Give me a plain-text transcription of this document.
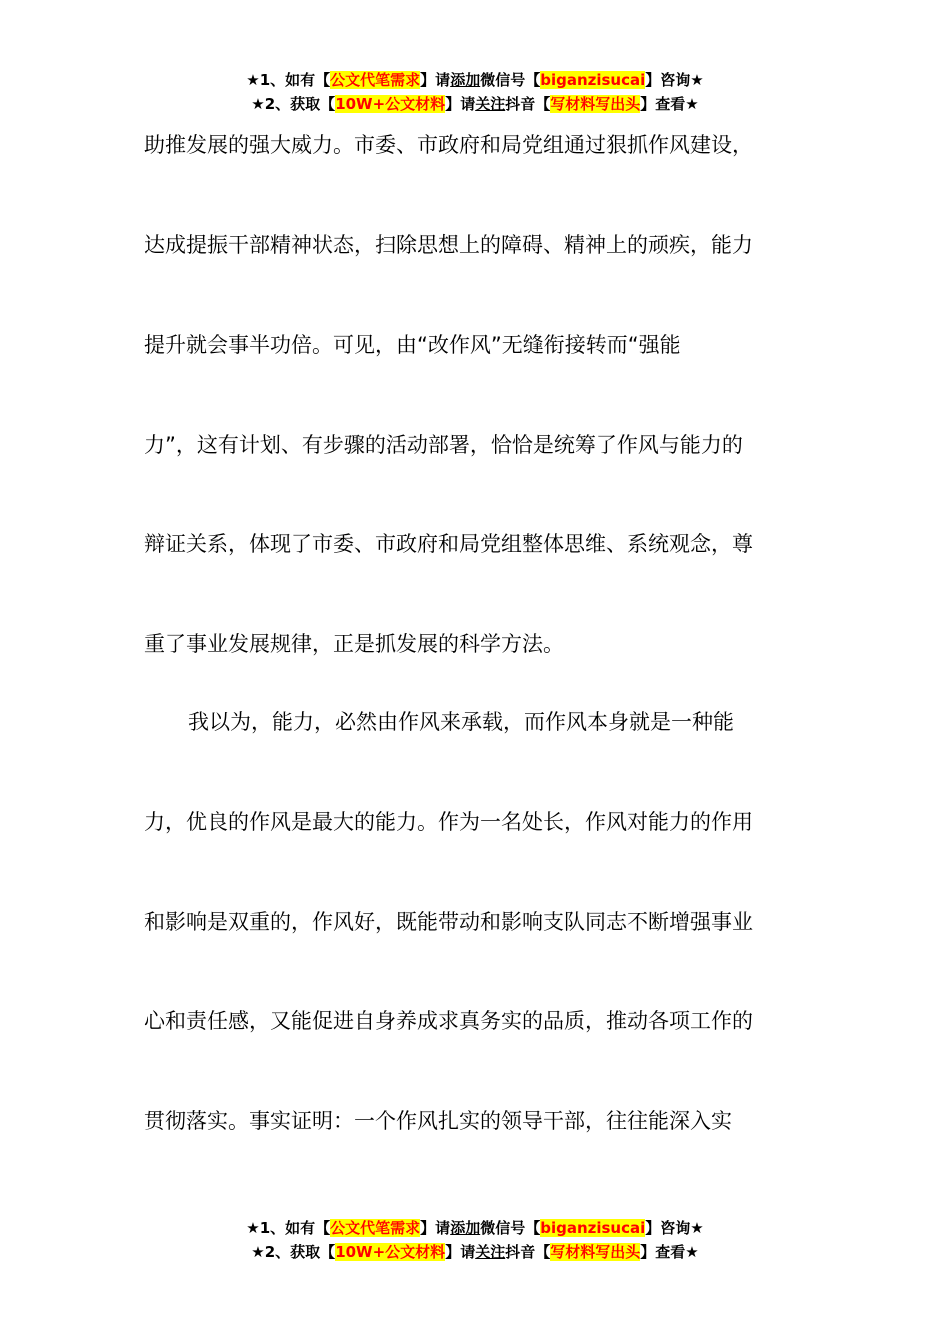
★1、如有【公文代笔需求】请添加微信号【biganzisucai】咨询★
★2、获取【10W+公文材料】请关注抖音【写材料写出头】查看★
助推发展的强大威力。市委、市政府和局党组通过狠抓作风建设，
达成提振干部精神状态，扫除思想上的障碍、精神上的顽疾，能力
提升就会事半功倍。可见，由“改作风”无缝衔接转而“强能
力”，这有计划、有步骤的活动部署，恰恰是统筹了作风与能力的
辩证关系，体现了市委、市政府和局党组整体思维、系统观念，尊
重了事业发展规律，正是抓发展的科学方法。
我以为，能力，必然由作风来承载，而作风本身就是一种能
力，优良的作风是最大的能力。作为一名处长，作风对能力的作用
和影响是双重的，作风好，既能带动和影响支队同志不断增强事业
心和责任感，又能促进自身养成求真务实的品质，推动各项工作的
贯彻落实。事实证明：一个作风扎实的领导干部，往往能深入实
★1、如有【公文代笔需求】请添加微信号【biganzisucai】咨询★
★2、获取【10W+公文材料】请关注抖音【写材料写出头】查看★
